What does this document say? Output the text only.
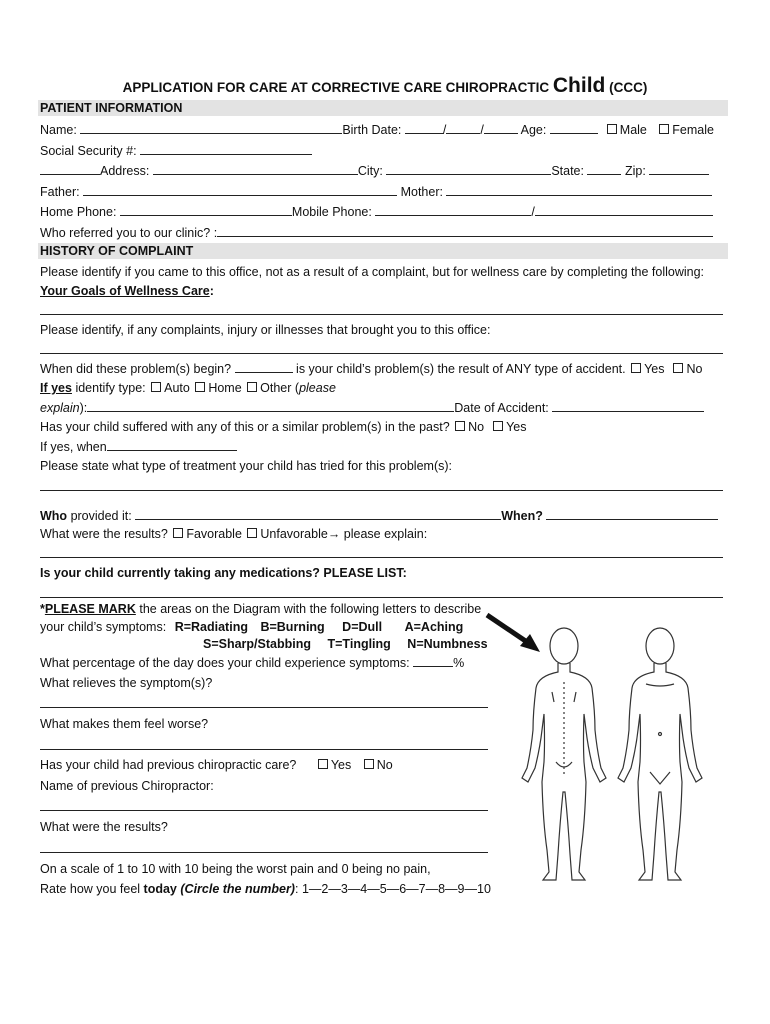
APPLICATION FOR CARE AT CORRECTIVE CARE CHIROPRACTIC Child (CCC)
PATIENT INFORMATION
Name:	Birth Date:	/	/	Age:	Male Female
Social Security #:
Address:	City:	State:	Zip:
Father:	Mother:
Home Phone:	Mobile Phone:	/
Who referred you to our clinic? :
HISTORY OF COMPLAINT
Please identify if you came to this office, not as a result of a complaint, but for wellness care by completing the following:
Your Goals of Wellness Care:
Please identify, if any complaints, injury or illnesses that brought you to this office:
When did these problem(s) begin?	is your child’s problem(s) the result of ANY type of accident. Yes No
If yes identify type: Auto Home Other (please
explain):	Date of Accident:
Has your child suffered with any of this or a similar problem(s) in the past? No Yes
If yes, when
Please state what type of treatment your child has tried for this problem(s):
Who provided it:	When?
What were the results? Favorable Unfavorable→ please explain:
Is your child currently taking any medications? PLEASE LIST:
*PLEASE MARK the areas on the Diagram with the following letters to describe
your child’s symptoms: R=Radiating B=Burning D=Dull A=Aching
S=Sharp/Stabbing T=Tingling N=Numbness
What percentage of the day does your child experience symptoms:	%
What relieves the symptom(s)?
What makes them feel worse?
Has your child had previous chiropractic care?	Yes No
Name of previous Chiropractor:
What were the results?
On a scale of 1 to 10 with 10 being the worst pain and 0 being no pain,
Rate how you feel today (Circle the number): 1—2—3—4—5—6—7—8—9—10
